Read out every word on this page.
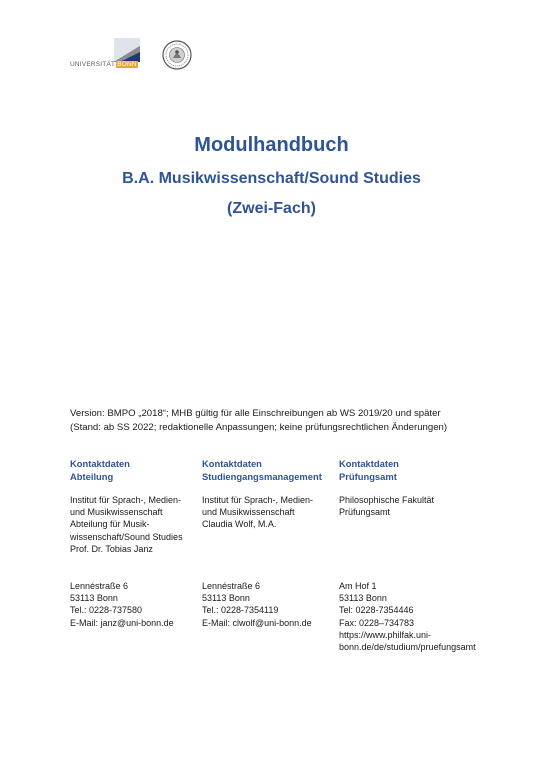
UNIVERSITÄT BONN
Modulhandbuch
B.A. Musikwissenschaft/Sound Studies
(Zwei-Fach)
Version: BMPO „2018“; MHB gültig für alle Einschreibungen ab WS 2019/20 und später
(Stand: ab SS 2022; redaktionelle Anpassungen; keine prüfungsrechtlichen Änderungen)
Kontaktdaten
Abteilung
Institut für Sprach-, Medien-
und Musikwissenschaft
Abteilung für Musik-
wissenschaft/Sound Studies
Prof. Dr. Tobias Janz
Lennéstraße 6
53113 Bonn
Tel.: 0228-737580
E-Mail: janz@uni-bonn.de
Kontaktdaten
Studiengangsmanagement
Institut für Sprach-, Medien-
und Musikwissenschaft
Claudia Wolf, M.A.
Lennéstraße 6
53113 Bonn
Tel.: 0228-7354119
E-Mail: clwolf@uni-bonn.de
Kontaktdaten
Prüfungsamt
Philosophische Fakultät
Prüfungsamt
Am Hof 1
53113 Bonn
Tel: 0228-7354446
Fax: 0228–734783
https://www.philfak.uni-
bonn.de/de/studium/pruefungsamt
